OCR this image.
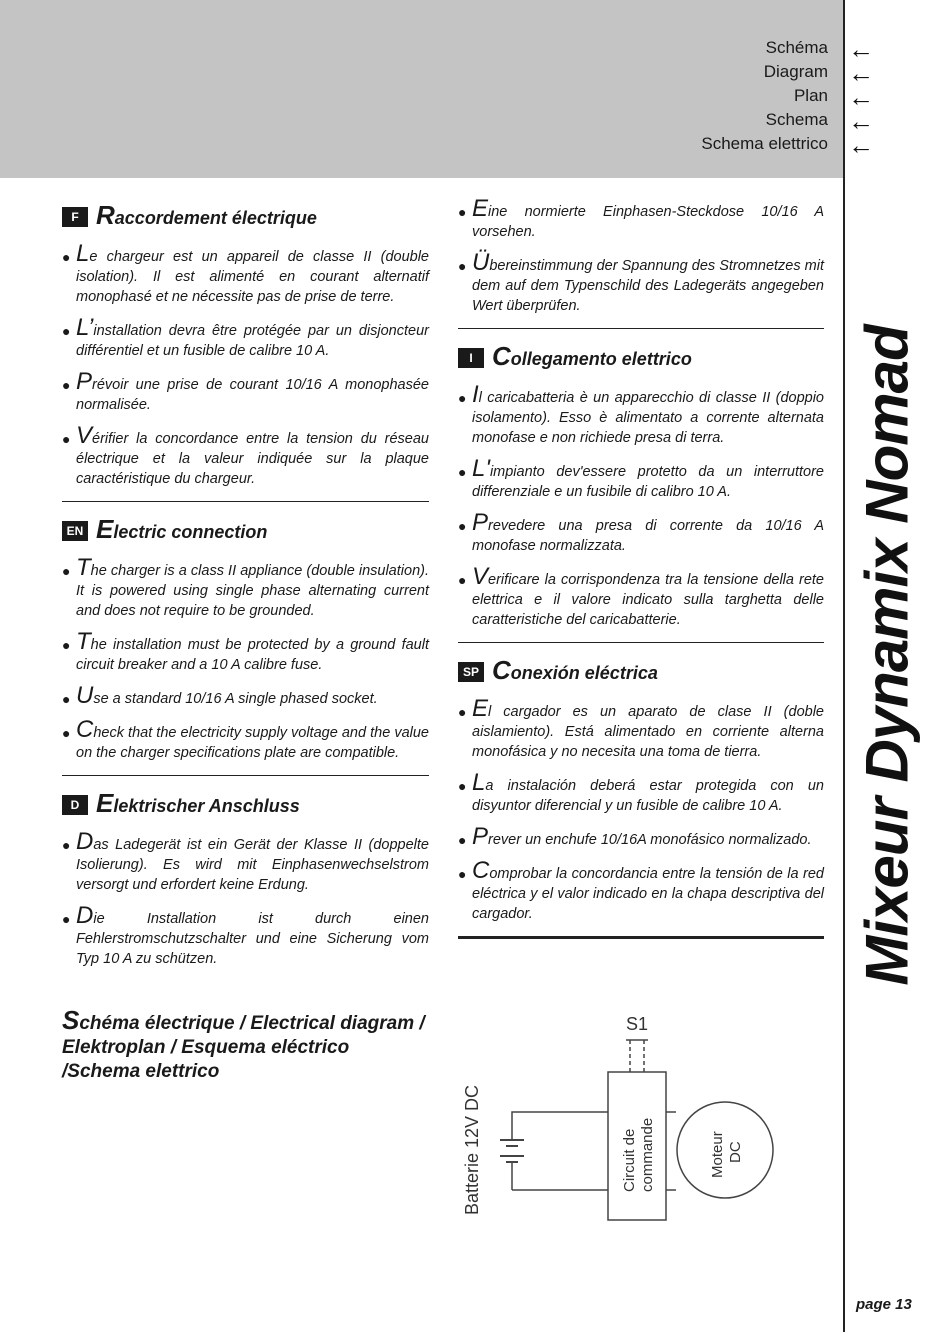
Schéma
Diagram
Plan
Schema
Schema elettrico
←
←
←
←
←
Mixeur Dynamix Nomad
F Raccordement électrique
● Le chargeur est un appareil de classe II (double isolation). Il est alimenté en courant alternatif monophasé et ne nécessite pas de prise de terre.
● L’installation devra être protégée par un disjoncteur différentiel et un fusible de calibre 10 A.
● Prévoir une prise de courant 10/16 A monophasée normalisée.
● Vérifier la concordance entre la tension du réseau électrique et la valeur indiquée sur la plaque caractéristique du chargeur.
EN Electric connection
● The charger is a class II appliance (double insulation). It is powered using single phase alternating current and does not require to be grounded.
● The installation must be protected by a ground fault circuit breaker and a 10 A calibre fuse.
● Use a standard 10/16 A single phased socket.
● Check that the electricity supply voltage and the value on the charger specifications plate are compatible.
D Elektrischer Anschluss
● Das Ladegerät ist ein Gerät der Klasse II (doppelte Isolierung). Es wird mit Einphasenwechselstrom versorgt und erfordert keine Erdung.
● Die Installation ist durch einen Fehlerstromschutzschalter und eine Sicherung vom Typ 10 A zu schützen.
● Eine normierte Einphasen-Steckdose 10/16 A vorsehen.
● Übereinstimmung der Spannung des Stromnetzes mit dem auf dem Typenschild des Ladegeräts angegeben Wert überprüfen.
I Collegamento elettrico
● Il caricabatteria è un apparecchio di classe II (doppio isolamento). Esso è alimentato a corrente alternata monofase e non richiede presa di terra.
● L'impianto dev'essere protetto da un interruttore differenziale e un fusibile di calibro 10 A.
● Prevedere una presa di corrente da 10/16 A monofase normalizzata.
● Verificare la corrispondenza tra la tensione della rete elettrica e il valore indicato sulla targhetta delle caratteristiche del caricabatterie.
SP Conexión eléctrica
● El cargador es un aparato de clase II (doble aislamiento). Está alimentado en corriente alterna monofásica y no necesita una toma de tierra.
● La instalación deberá estar protegida con un disyuntor diferencial y un fusible de calibre 10 A.
● Prever un enchufe 10/16A monofásico normalizado.
● Comprobar la concordancia entre la tensión de la red eléctrica y el valor indicado en la chapa descriptiva del cargador.
Schéma électrique / Electrical diagram / Elektroplan / Esquema eléctrico /Schema elettrico
S1
Batterie 12V DC	Circuit de commande	Moteur DC
page 13
